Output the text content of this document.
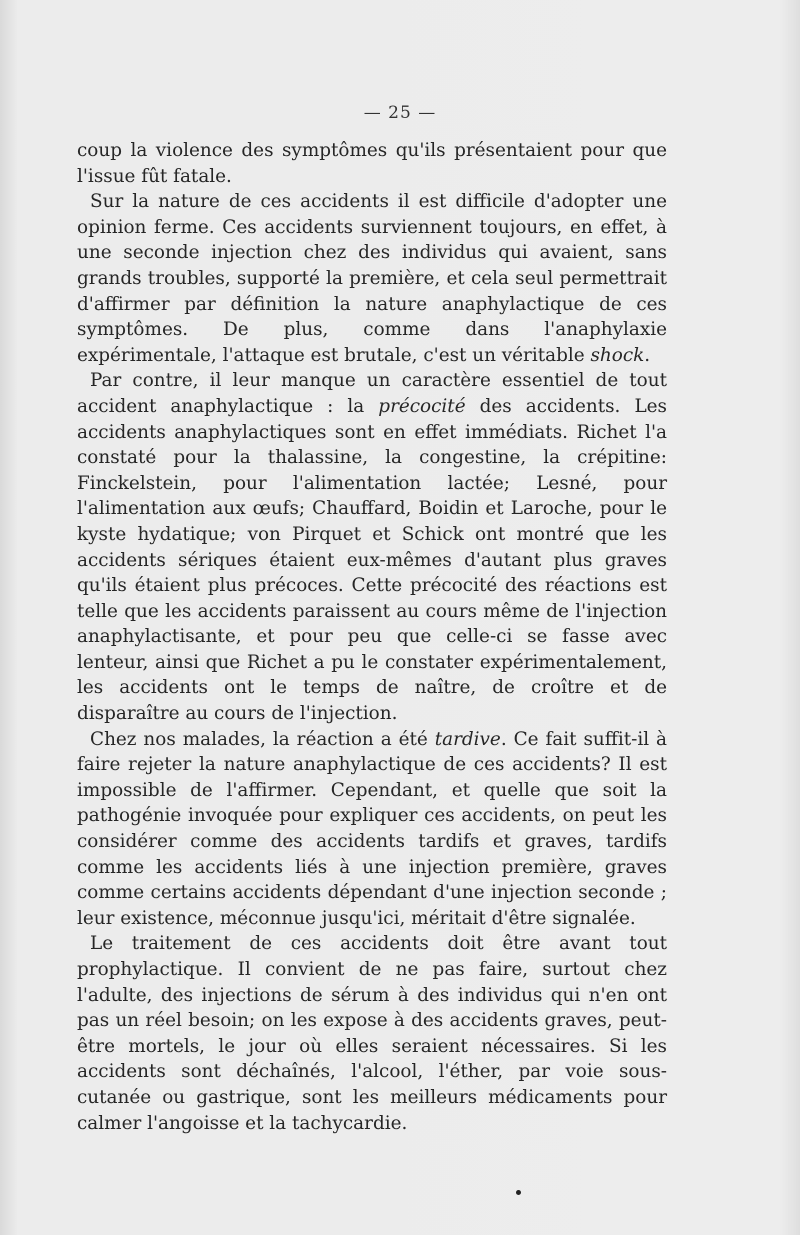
— 25 —

coup la violence des symptômes qu'ils présentaient pour que l'issue fût fatale.

Sur la nature de ces accidents il est difficile d'adopter une opinion ferme. Ces accidents surviennent toujours, en effet, à une seconde injection chez des individus qui avaient, sans grands troubles, supporté la première, et cela seul permettrait d'affirmer par définition la nature anaphylactique de ces symptômes. De plus, comme dans l'anaphylaxie expérimentale, l'attaque est brutale, c'est un véritable shock.

Par contre, il leur manque un caractère essentiel de tout accident anaphylactique : la précocité des accidents. Les accidents anaphylactiques sont en effet immédiats. Richet l'a constaté pour la thalassine, la congestine, la crépitine: Finckelstein, pour l'alimentation lactée; Lesné, pour l'alimentation aux œufs; Chauffard, Boidin et Laroche, pour le kyste hydatique; von Pirquet et Schick ont montré que les accidents sériques étaient eux-mêmes d'autant plus graves qu'ils étaient plus précoces. Cette précocité des réactions est telle que les accidents paraissent au cours même de l'injection anaphylactisante, et pour peu que celle-ci se fasse avec lenteur, ainsi que Richet a pu le constater expérimentalement, les accidents ont le temps de naître, de croître et de disparaître au cours de l'injection.

Chez nos malades, la réaction a été tardive. Ce fait suffit-il à faire rejeter la nature anaphylactique de ces accidents? Il est impossible de l'affirmer. Cependant, et quelle que soit la pathogénie invoquée pour expliquer ces accidents, on peut les considérer comme des accidents tardifs et graves, tardifs comme les accidents liés à une injection première, graves comme certains accidents dépendant d'une injection seconde ; leur existence, méconnue jusqu'ici, méritait d'être signalée.

Le traitement de ces accidents doit être avant tout prophylactique. Il convient de ne pas faire, surtout chez l'adulte, des injections de sérum à des individus qui n'en ont pas un réel besoin; on les expose à des accidents graves, peut-être mortels, le jour où elles seraient nécessaires. Si les accidents sont déchaînés, l'alcool, l'éther, par voie sous-cutanée ou gastrique, sont les meilleurs médicaments pour calmer l'angoisse et la tachycardie.
